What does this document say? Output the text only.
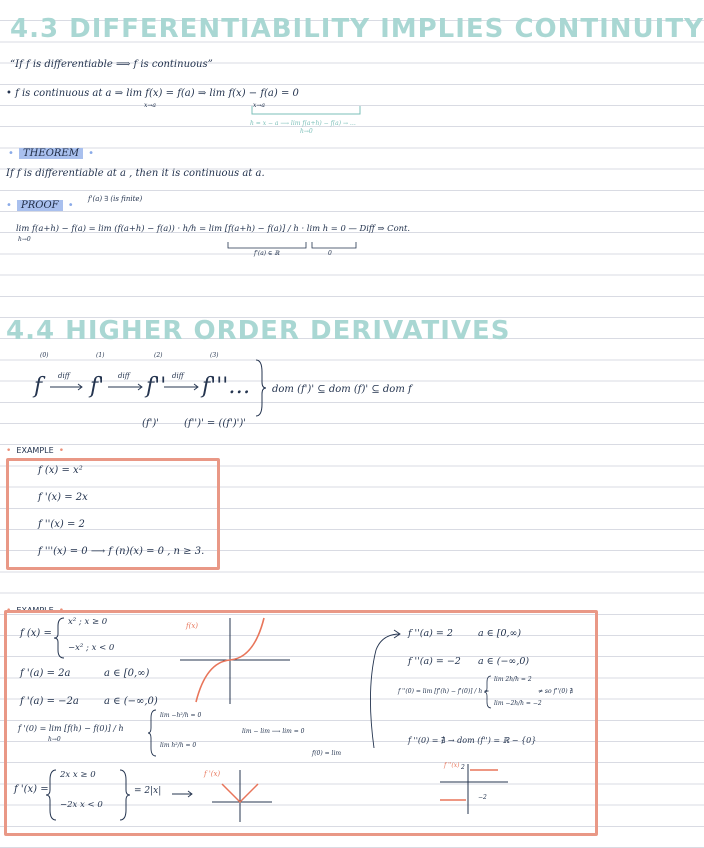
4.3 DIFFERENTIABILITY IMPLIES CONTINUITY
“If f is differentiable ⟹ f is continuous”
• f is continuous at a ⇒ lim f(x) = f(a) ⇒ lim f(x) − f(a) = 0
x→a	x→a
h = x − a ⟶ lim f(a+h) − f(a) → …
h→0
• THEOREM •
If f is differentiable at a , then it is continuous at a.
• PROOF •
f'(a) ∃ (is finite)
lim f(a+h) − f(a) = lim (f(a+h) − f(a)) · h/h = lim [f(a+h) − f(a)] / h · lim h = 0 — Diff ⇒ Cont.
h→0
f'(a) ∈ ℝ	0
4.4 HIGHER ORDER DERIVATIVES
f
(0)
f'
(1)
f''
(2)
f'''…
(3)
diff	diff	diff
(f')' (f'')' = ((f')')'
dom (f')' ⊆ dom (f)' ⊆ dom f
• EXAMPLE •
f (x) = x²
f '(x) = 2x
f ''(x) = 2
f '''(x) = 0 ⟶ f (n)(x) = 0 , n ≥ 3.
• EXAMPLE •
f (x) =
x² ; x ≥ 0
−x² ; x < 0
f(x)
f '(a) = 2a	a ∈ [0,∞)
f '(a) = −2a	a ∈ (−∞,0)
f '(0) = lim [f(h) − f(0)] / h
h→0
lim −h²/h = 0
lim h²/h = 0
lim − lim ⟶ lim = 0
f(0) = lim
f '(x) =
2x x ≥ 0
−2x x < 0
= 2|x|
f '(x)
f ''(a) = 2	a ∈ [0,∞)
f ''(a) = −2 a ∈ (−∞,0)
f ''(0) = lim [f'(h) − f'(0)] / h =
lim 2h/h = 2
lim −2h/h = −2
≠ so f''(0) ∄
f ''(0) = ∄ → dom (f'') = ℝ − {0}
f ''(x) 2
−2
